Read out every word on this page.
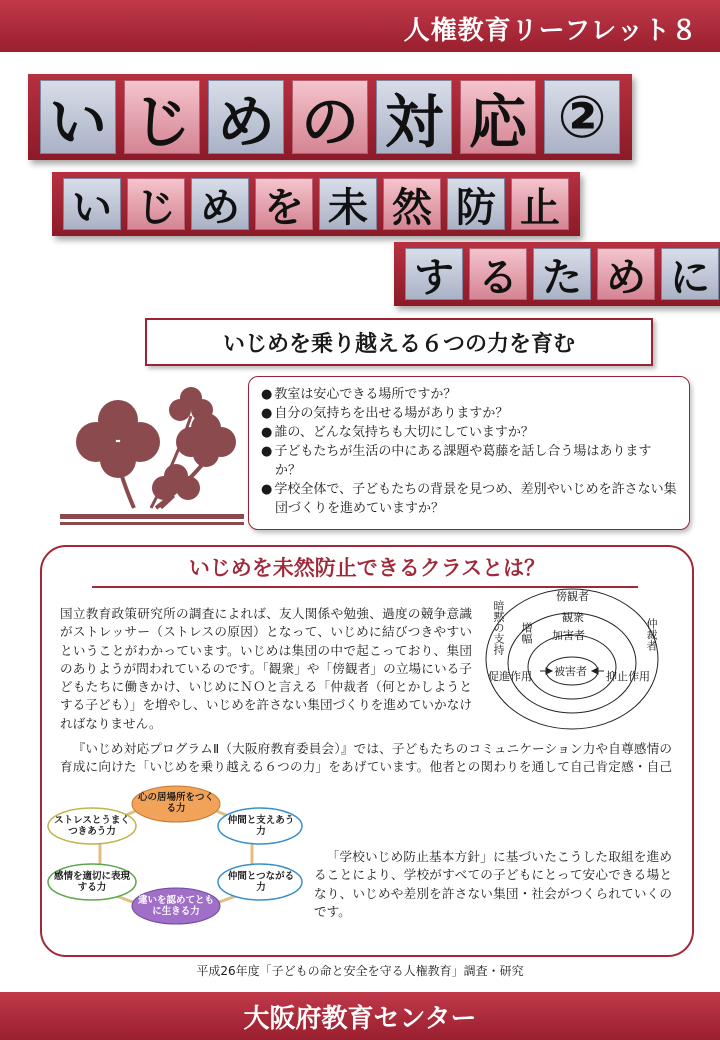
人権教育リーフレット８
い じ め の 対 応 ②
い じ め を 未 然 防 止
す る た め に
いじめを乗り越える６つの力を育む
● 教室は安心できる場所ですか？
● 自分の気持ちを出せる場がありますか？
● 誰の、どんな気持ちも大切にしていますか？
● 子どもたちが生活の中にある課題や葛藤を話し合う場はありますか？
● 学校全体で、子どもたちの背景を見つめ、差別やいじめを許さない集団づくりを進めていますか？
いじめを未然防止できるクラスとは？
国立教育政策研究所の調査によれば、友人関係や勉強、過度の競争意識がストレッサー（ストレスの原因）となって、いじめに結びつきやすいということがわかっています。いじめは集団の中で起こっており、集団のありようが問われているのです。「観衆」や「傍観者」の立場にいる子どもたちに働きかけ、いじめにＮＯと言える「仲裁者（何とかしようとする子ども）」を増やし、いじめを許さない集団づくりを進めていかなければなりません。
傍観者
観衆
加害者
被害者
促進作用	抑止作用
暗黙の支持 増幅	仲裁者
『いじめ対応プログラムⅡ（大阪府教育委員会）』では、子どもたちのコミュニケーション力や自尊感情の育成に向けた「いじめを乗り越える６つの力」をあげています。他者との関わりを通して自己肯定感・自己
心の居場所をつくる力
仲間と支えあう力
仲間とつながる力
違いを認めてともに生きる力
感情を適切に表現する力
ストレスとうまくつきあう力
「学校いじめ防止基本方針」に基づいたこうした取組を進めることにより、学校がすべての子どもにとって安心できる場となり、いじめや差別を許さない集団・社会がつくられていくのです。
平成26年度「子どもの命と安全を守る人権教育」調査・研究
大阪府教育センター
